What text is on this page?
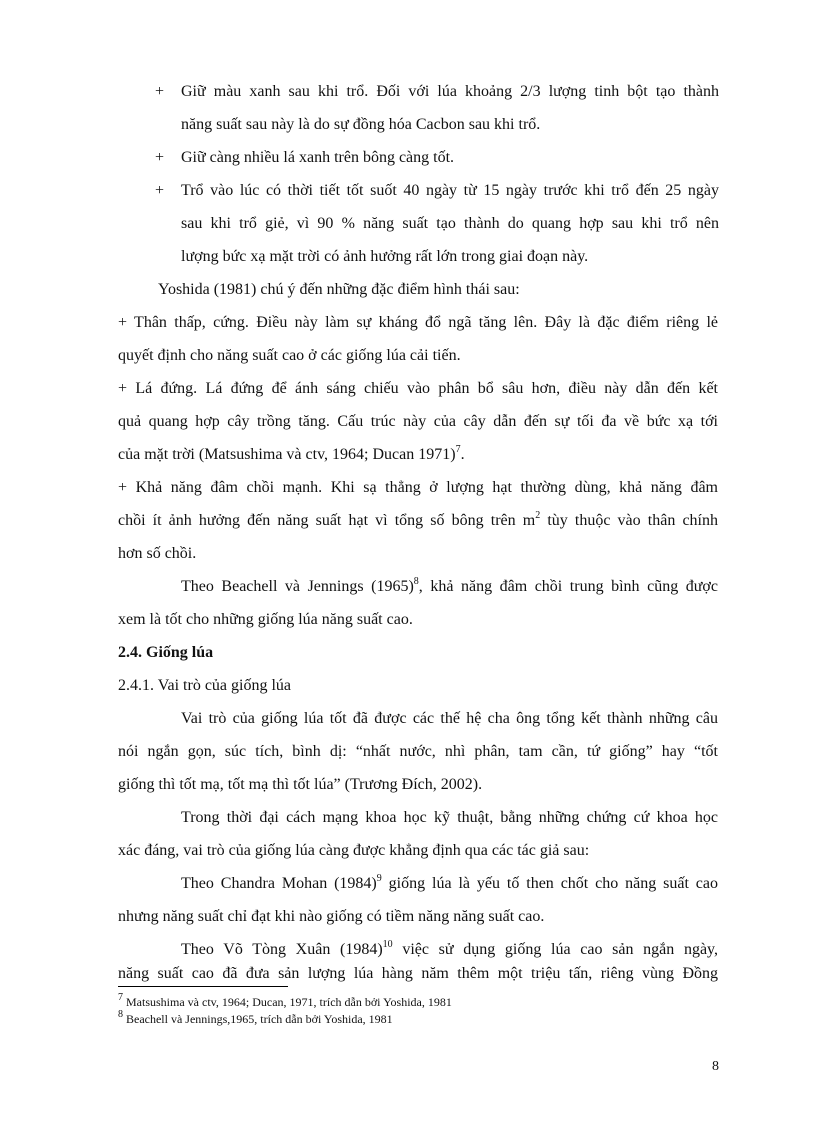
+ Giữ màu xanh sau khi trổ. Đối với lúa khoảng 2/3 lượng tinh bột tạo thành
năng suất sau này là do sự đồng hóa Cacbon sau khi trổ.
+ Giữ càng nhiều lá xanh trên bông càng tốt.
+ Trổ vào lúc có thời tiết tốt suốt 40 ngày từ 15 ngày trước khi trổ đến 25 ngày
sau khi trổ giẻ, vì 90 % năng suất tạo thành do quang hợp sau khi trổ nên
lượng bức xạ mặt trời có ảnh hưởng rất lớn trong giai đoạn này.
Yoshida (1981) chú ý đến những đặc điểm hình thái sau:
+ Thân thấp, cứng. Điều này làm sự kháng đổ ngã tăng lên. Đây là đặc điểm riêng lẻ
quyết định cho năng suất cao ở các giống lúa cải tiến.
+ Lá đứng. Lá đứng để ánh sáng chiếu vào phân bổ sâu hơn, điều này dẫn đến kết
quả quang hợp cây trồng tăng. Cấu trúc này của cây dẫn đến sự tối đa về bức xạ tới
của mặt trời (Matsushima và ctv, 1964; Ducan 1971)$^7$.
+ Khả năng đâm chồi mạnh. Khi sạ thẳng ở lượng hạt thường dùng, khả năng đâm
chồi ít ảnh hưởng đến năng suất hạt vì tổng số bông trên $m^2$ tùy thuộc vào thân chính
hơn số chồi.
Theo Beachell và Jennings $(1965)^8$, khả năng đâm chồi trung bình cũng được
xem là tốt cho những giống lúa năng suất cao.
2.4. Giống lúa
2.4.1. Vai trò của giống lúa
Vai trò của giống lúa tốt đã được các thế hệ cha ông tổng kết thành những câu
nói ngắn gọn, súc tích, bình dị: “nhất nước, nhì phân, tam cần, tứ giống” hay “tốt
giống thì tốt mạ, tốt mạ thì tốt lúa” (Trương Đích, 2002).
Trong thời đại cách mạng khoa học kỹ thuật, bằng những chứng cứ khoa học
xác đáng, vai trò của giống lúa càng được khẳng định qua các tác giả sau:
Theo Chandra Mohan $(1984)^9$ giống lúa là yếu tố then chốt cho năng suất cao
nhưng năng suất chỉ đạt khi nào giống có tiềm năng năng suất cao.
Theo Võ Tòng Xuân $(1984)^{10}$ việc sử dụng giống lúa cao sản ngắn ngày,
năng suất cao đã đưa sản lượng lúa hàng năm thêm một triệu tấn, riêng vùng Đồng
$^7$ Matsushima và ctv, 1964; Ducan, 1971, trích dẫn bởi Yoshida, 1981
$^8$ Beachell và Jennings,1965, trích dẫn bởi Yoshida, 1981
8
